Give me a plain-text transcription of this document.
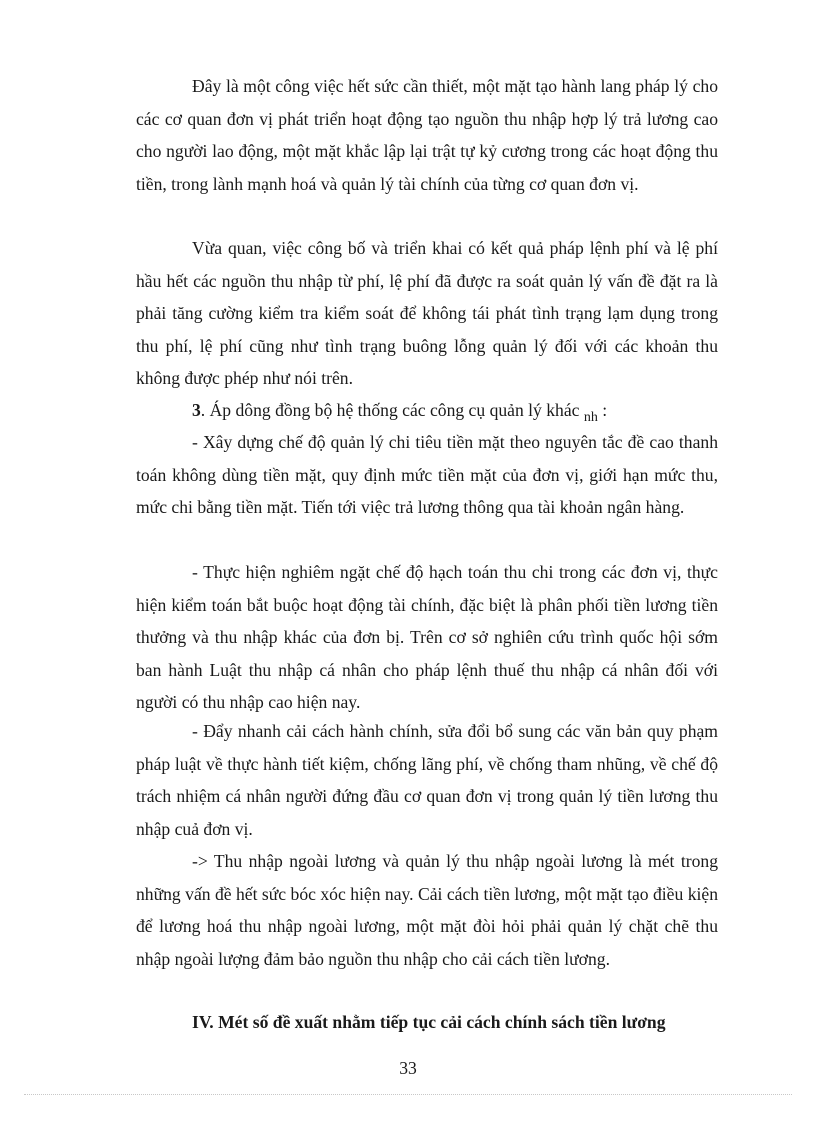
Đây là một công việc hết sức cần thiết, một mặt tạo hành lang pháp lý cho các cơ quan đơn vị phát triển hoạt động tạo nguồn thu nhập hợp lý trả lương cao cho người lao động, một mặt khắc lập lại trật tự kỷ cương trong các hoạt động thu tiền, trong lành mạnh hoá và quản lý tài chính của từng cơ quan đơn vị.

Vừa quan, việc công bố và triển khai có kết quả pháp lệnh phí và lệ phí hầu hết các nguồn thu nhập từ phí, lệ phí đã được ra soát quản lý vấn đề đặt ra là phải tăng cường kiểm tra kiểm soát để không tái phát tình trạng lạm dụng trong thu phí, lệ phí cũng như tình trạng buông lỗng quản lý đối với các khoản thu không được phép như nói trên.

3. Áp dông đồng bộ hệ thống các công cụ quản lý khác $_{nh}$ :

- Xây dựng chế độ quản lý chi tiêu tiền mặt theo nguyên tắc đề cao thanh toán không dùng tiền mặt, quy định mức tiền mặt của đơn vị, giới hạn mức thu, mức chi bằng tiền mặt. Tiến tới việc trả lương thông qua tài khoản ngân hàng.

- Thực hiện nghiêm ngặt chế độ hạch toán thu chi trong các đơn vị, thực hiện kiểm toán bắt buộc hoạt động tài chính, đặc biệt là phân phối tiền lương tiền thưởng và thu nhập khác của đơn bị. Trên cơ sở nghiên cứu trình quốc hội sớm ban hành Luật thu nhập cá nhân cho pháp lệnh thuế thu nhập cá nhân đối với người có thu nhập cao hiện nay.

- Đẩy nhanh cải cách hành chính, sửa đổi bổ sung các văn bản quy phạm pháp luật về thực hành tiết kiệm, chống lãng phí, về chống tham nhũng, về chế độ trách nhiệm cá nhân người đứng đầu cơ quan đơn vị trong quản lý tiền lương thu nhập cuả đơn vị.

-> Thu nhập ngoài lương và quản lý thu nhập ngoài lương là mét trong những vấn đề hết sức bóc xóc hiện nay. Cải cách tiền lương, một mặt tạo điều kiện để lương hoá thu nhập ngoài lương, một mặt đòi hỏi phải quản lý chặt chẽ thu nhập ngoài lượng đảm bảo nguồn thu nhập cho cải cách tiền lương.

IV. Mét số đề xuất nhằm tiếp tục cải cách chính sách tiền lương

33
